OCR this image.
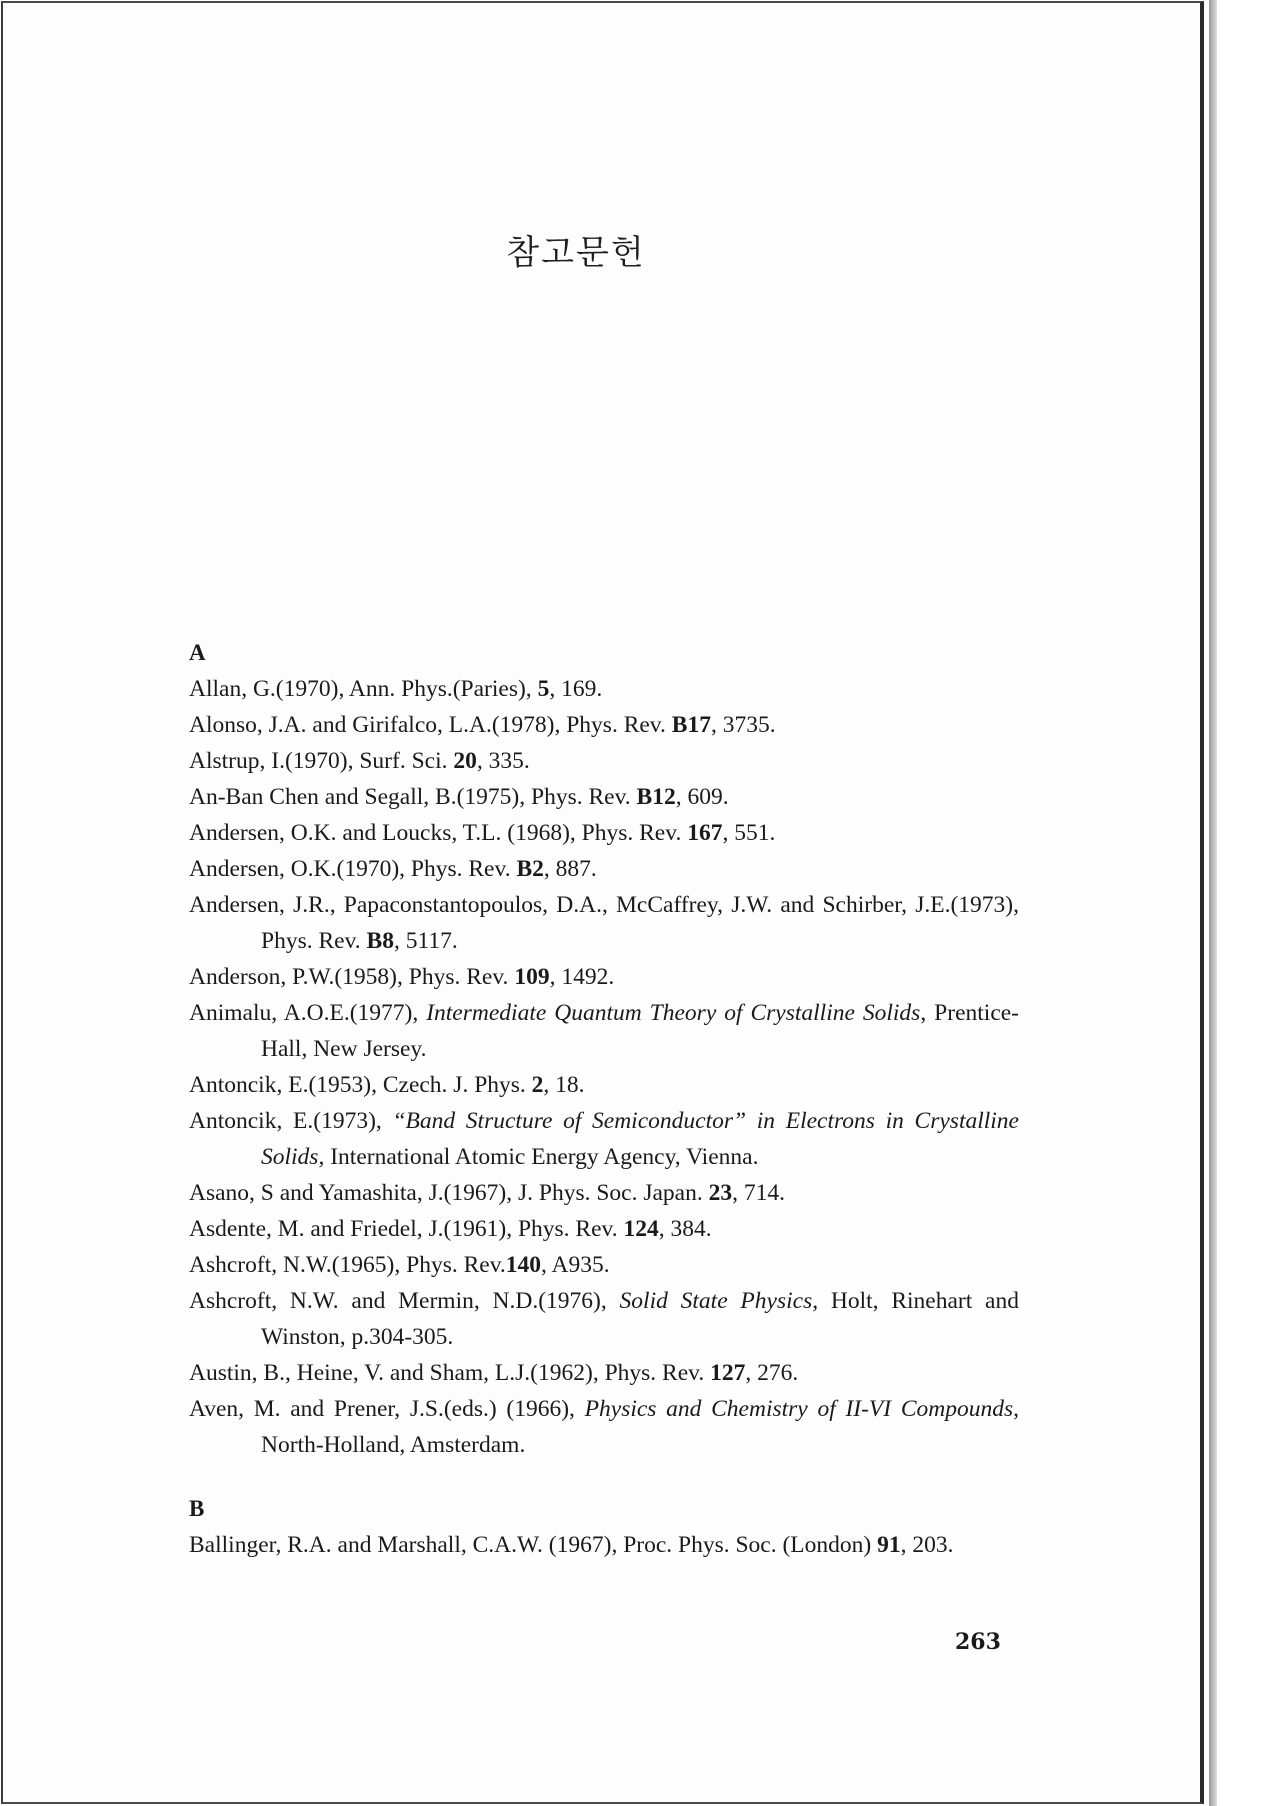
참고문헌
A
Allan, G.(1970), Ann. Phys.(Paries), 5, 169.
Alonso, J.A. and Girifalco, L.A.(1978), Phys. Rev. B17, 3735.
Alstrup, I.(1970), Surf. Sci. 20, 335.
An-Ban Chen and Segall, B.(1975), Phys. Rev. B12, 609.
Andersen, O.K. and Loucks, T.L. (1968), Phys. Rev. 167, 551.
Andersen, O.K.(1970), Phys. Rev. B2, 887.
Andersen, J.R., Papaconstantopoulos, D.A., McCaffrey, J.W. and Schirber, J.E.(1973), Phys. Rev. B8, 5117.
Anderson, P.W.(1958), Phys. Rev. 109, 1492.
Animalu, A.O.E.(1977), Intermediate Quantum Theory of Crystalline Solids, Prentice-Hall, New Jersey.
Antoncik, E.(1953), Czech. J. Phys. 2, 18.
Antoncik, E.(1973), “Band Structure of Semiconductor” in Electrons in Crystalline Solids, International Atomic Energy Agency, Vienna.
Asano, S and Yamashita, J.(1967), J. Phys. Soc. Japan. 23, 714.
Asdente, M. and Friedel, J.(1961), Phys. Rev. 124, 384.
Ashcroft, N.W.(1965), Phys. Rev.140, A935.
Ashcroft, N.W. and Mermin, N.D.(1976), Solid State Physics, Holt, Rinehart and Winston, p.304-305.
Austin, B., Heine, V. and Sham, L.J.(1962), Phys. Rev. 127, 276.
Aven, M. and Prener, J.S.(eds.) (1966), Physics and Chemistry of II-VI Compounds, North-Holland, Amsterdam.
B
Ballinger, R.A. and Marshall, C.A.W. (1967), Proc. Phys. Soc. (London) 91, 203.
263
